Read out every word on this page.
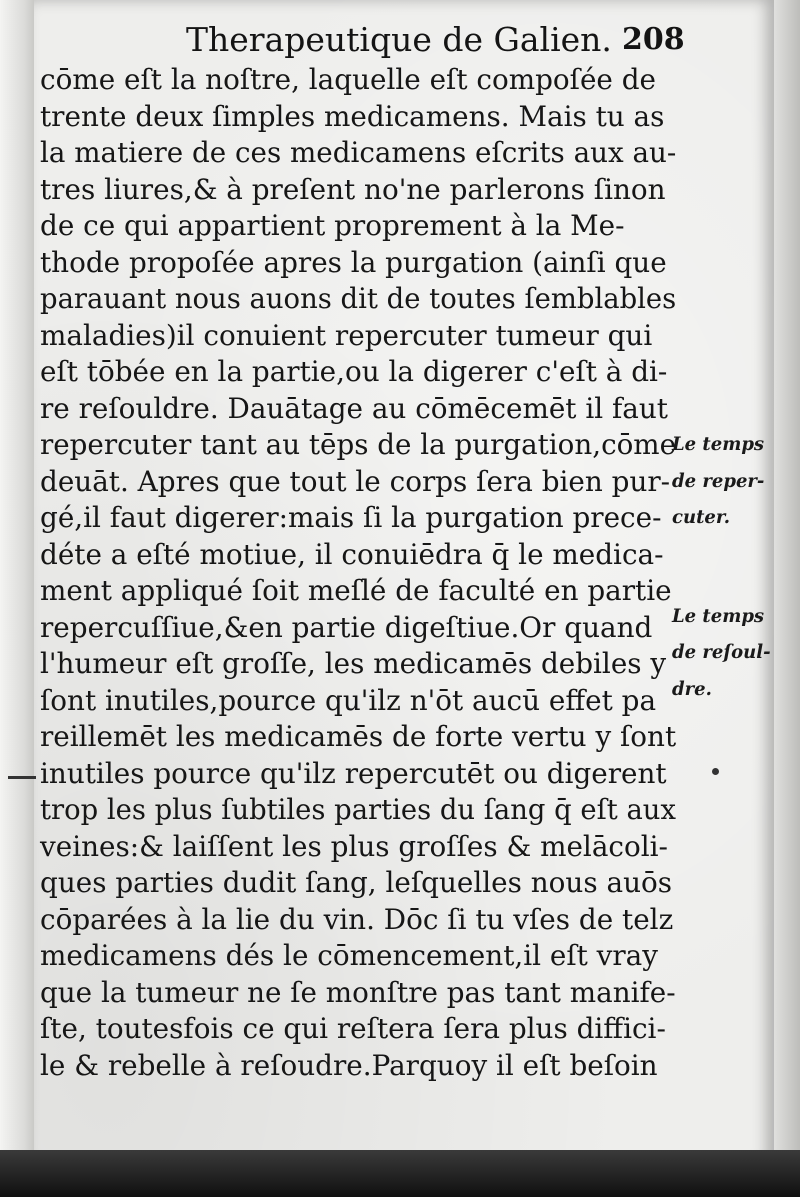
Therapeutique de Galien. 208
cōme eſt la noſtre, laquelle eſt compoſée de
trente deux ſimples medicamens. Mais tu as
la matiere de ces medicamens eſcrits aux au-
tres liures,& à preſent no'ne parlerons ſinon
de ce qui appartient proprement à la Me-
thode propoſée apres la purgation (ainſi que
parauant nous auons dit de toutes ſemblables
maladies)il conuient repercuter tumeur qui
eſt tōbée en la partie,ou la digerer c'eſt à di-
re reſouldre. Dauātage au cōmēcemēt il faut
repercuter tant au tēps de la purgation,cōme
deuāt. Apres que tout le corps ſera bien pur-
gé,il faut digerer:mais ſi la purgation prece-
déte a eſté motiue, il conuiēdra q̄ le medica-
ment appliqué ſoit meſlé de faculté en partie
repercuſſiue,&en partie digeſtiue.Or quand
l'humeur eſt groſſe, les medicamēs debiles y
ſont inutiles,pource qu'ilz n'ōt aucū effet pa
reillemēt les medicamēs de forte vertu y ſont
inutiles pource qu'ilz repercutēt ou digerent
trop les plus ſubtiles parties du ſang q̄ eſt aux
veines:& laiſſent les plus groſſes & melācoli-
ques parties dudit ſang, leſquelles nous auōs
cōparées à la lie du vin. Dōc ſi tu vſes de telz
medicamens dés le cōmencement,il eſt vray
que la tumeur ne ſe monſtre pas tant manife-
ſte, toutesfois ce qui reſtera ſera plus diffici-
le & rebelle à reſoudre.Parquoy il eſt beſoin
Le temps
de reper-
cuter.
Le temps
de reſoul-
dre.
